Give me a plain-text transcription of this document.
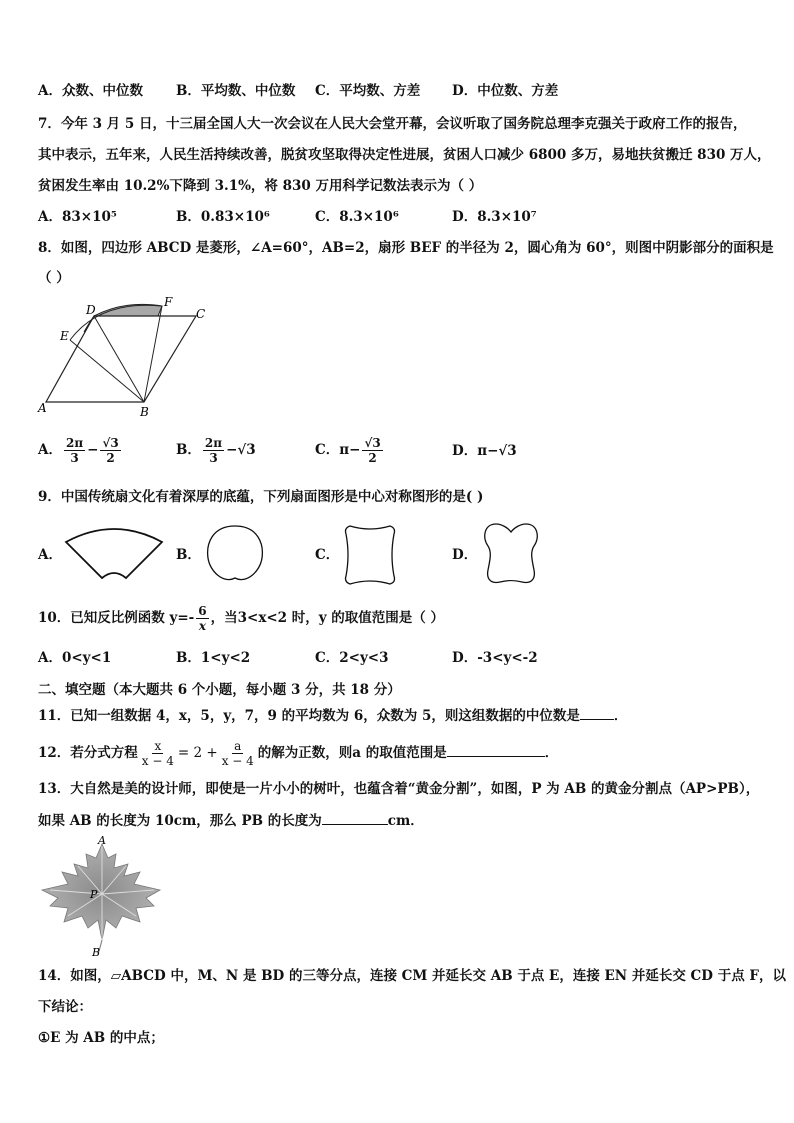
A．众数、中位数 B．平均数、中位数 C．平均数、方差 D．中位数、方差
7．今年 3 月 5 日，十三届全国人大一次会议在人民大会堂开幕，会议听取了国务院总理李克强关于政府工作的报告，
其中表示，五年来，人民生活持续改善，脱贫攻坚取得决定性进展，贫困人口减少 6800 多万，易地扶贫搬迁 830 万人，
贫困发生率由 10.2%下降到 3.1%，将 830 万用科学记数法表示为（ ）
A．83×10⁵	B．0.83×10⁶	C．8.3×10⁶	D．8.3×10⁷
8．如图，四边形 ABCD 是菱形，∠A=60°，AB=2，扇形 BEF 的半径为 2，圆心角为 60°，则图中阴影部分的面积是
（ ）
D
F
C
E
A	B
A． $\frac{2\pi}{3} - \frac{√3}{2}$	B． $\frac{2\pi}{3} -√3$	C．$\pi- \frac{√3}{2}$	D．π−√3
9．中国传统扇文化有着深厚的底蕴，下列扇面图形是中心对称图形的是( )
A．	B．	C．	D．
10．已知反比例函数 $y=- \frac{6}{x}$ ，当3<x<2 时，y 的取值范围是（ ）
A．0<y<1	B．1<y<2	C．2<y<3	D．-3<y<-2
二、填空题（本大题共 6 个小题，每小题 3 分，共 18 分）
11．已知一组数据 4，x，5，y，7，9 的平均数为 6，众数为 5，则这组数据的中位数是	．
12．若分式方程 $\frac{x}{x - 4} = 2 + \frac{a}{x - 4}$ 的解为正数，则a 的取值范围是	．
13．大自然是美的设计师，即使是一片小小的树叶，也蕴含着“黄金分割”，如图，P 为 AB 的黄金分割点（AP>PB），
如果 AB 的长度为 10cm，那么 PB 的长度为	cm．
A
P
B
14．如图，▱ABCD 中，M、N 是 BD 的三等分点，连接 CM 并延长交 AB 于点 E，连接 EN 并延长交 CD 于点 F，以
下结论：
①E 为 AB 的中点；
